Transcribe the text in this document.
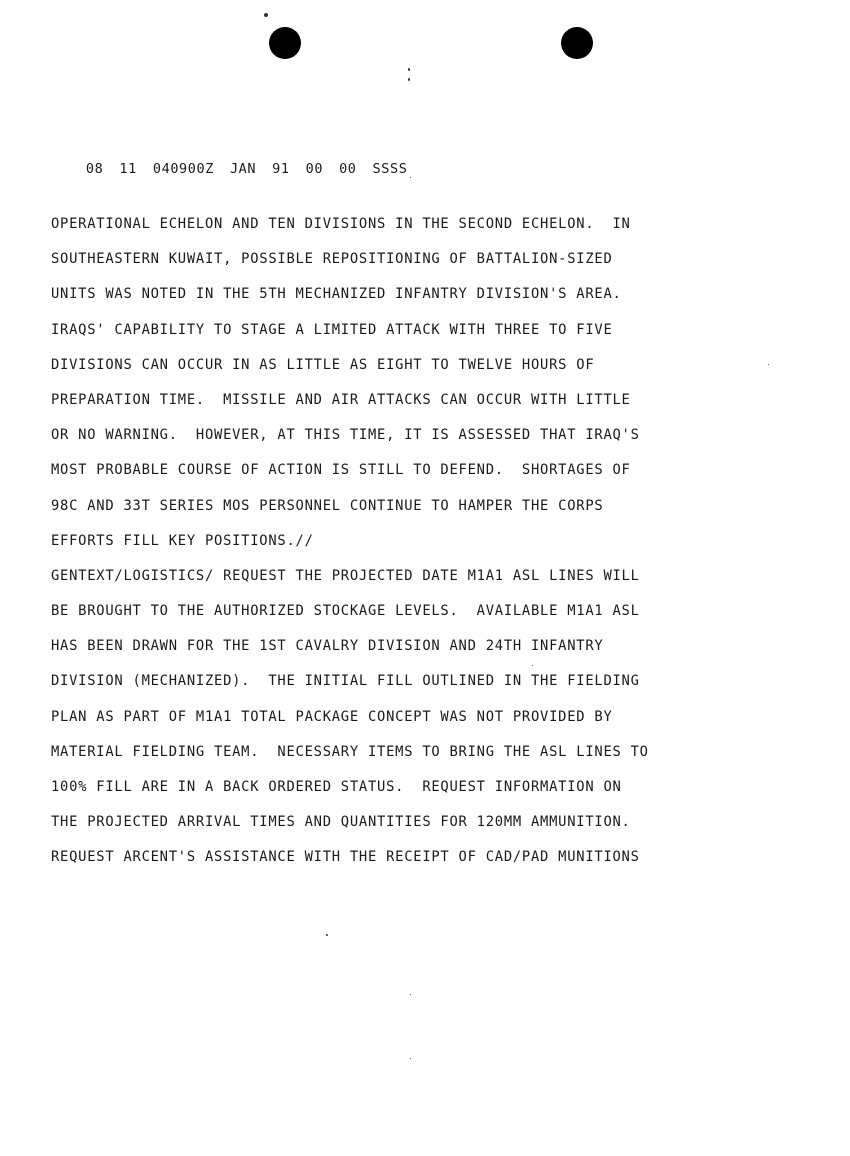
08 11 040900Z JAN 91 00 00 SSSS

OPERATIONAL ECHELON AND TEN DIVISIONS IN THE SECOND ECHELON.  IN
SOUTHEASTERN KUWAIT, POSSIBLE REPOSITIONING OF BATTALION-SIZED
UNITS WAS NOTED IN THE 5TH MECHANIZED INFANTRY DIVISION'S AREA.
IRAQS' CAPABILITY TO STAGE A LIMITED ATTACK WITH THREE TO FIVE
DIVISIONS CAN OCCUR IN AS LITTLE AS EIGHT TO TWELVE HOURS OF
PREPARATION TIME.  MISSILE AND AIR ATTACKS CAN OCCUR WITH LITTLE
OR NO WARNING.  HOWEVER, AT THIS TIME, IT IS ASSESSED THAT IRAQ'S
MOST PROBABLE COURSE OF ACTION IS STILL TO DEFEND.  SHORTAGES OF
98C AND 33T SERIES MOS PERSONNEL CONTINUE TO HAMPER THE CORPS
EFFORTS FILL KEY POSITIONS.//
GENTEXT/LOGISTICS/ REQUEST THE PROJECTED DATE M1A1 ASL LINES WILL
BE BROUGHT TO THE AUTHORIZED STOCKAGE LEVELS.  AVAILABLE M1A1 ASL
HAS BEEN DRAWN FOR THE 1ST CAVALRY DIVISION AND 24TH INFANTRY
DIVISION (MECHANIZED).  THE INITIAL FILL OUTLINED IN THE FIELDING
PLAN AS PART OF M1A1 TOTAL PACKAGE CONCEPT WAS NOT PROVIDED BY
MATERIAL FIELDING TEAM.  NECESSARY ITEMS TO BRING THE ASL LINES TO
100% FILL ARE IN A BACK ORDERED STATUS.  REQUEST INFORMATION ON
THE PROJECTED ARRIVAL TIMES AND QUANTITIES FOR 120MM AMMUNITION.
REQUEST ARCENT'S ASSISTANCE WITH THE RECEIPT OF CAD/PAD MUNITIONS
